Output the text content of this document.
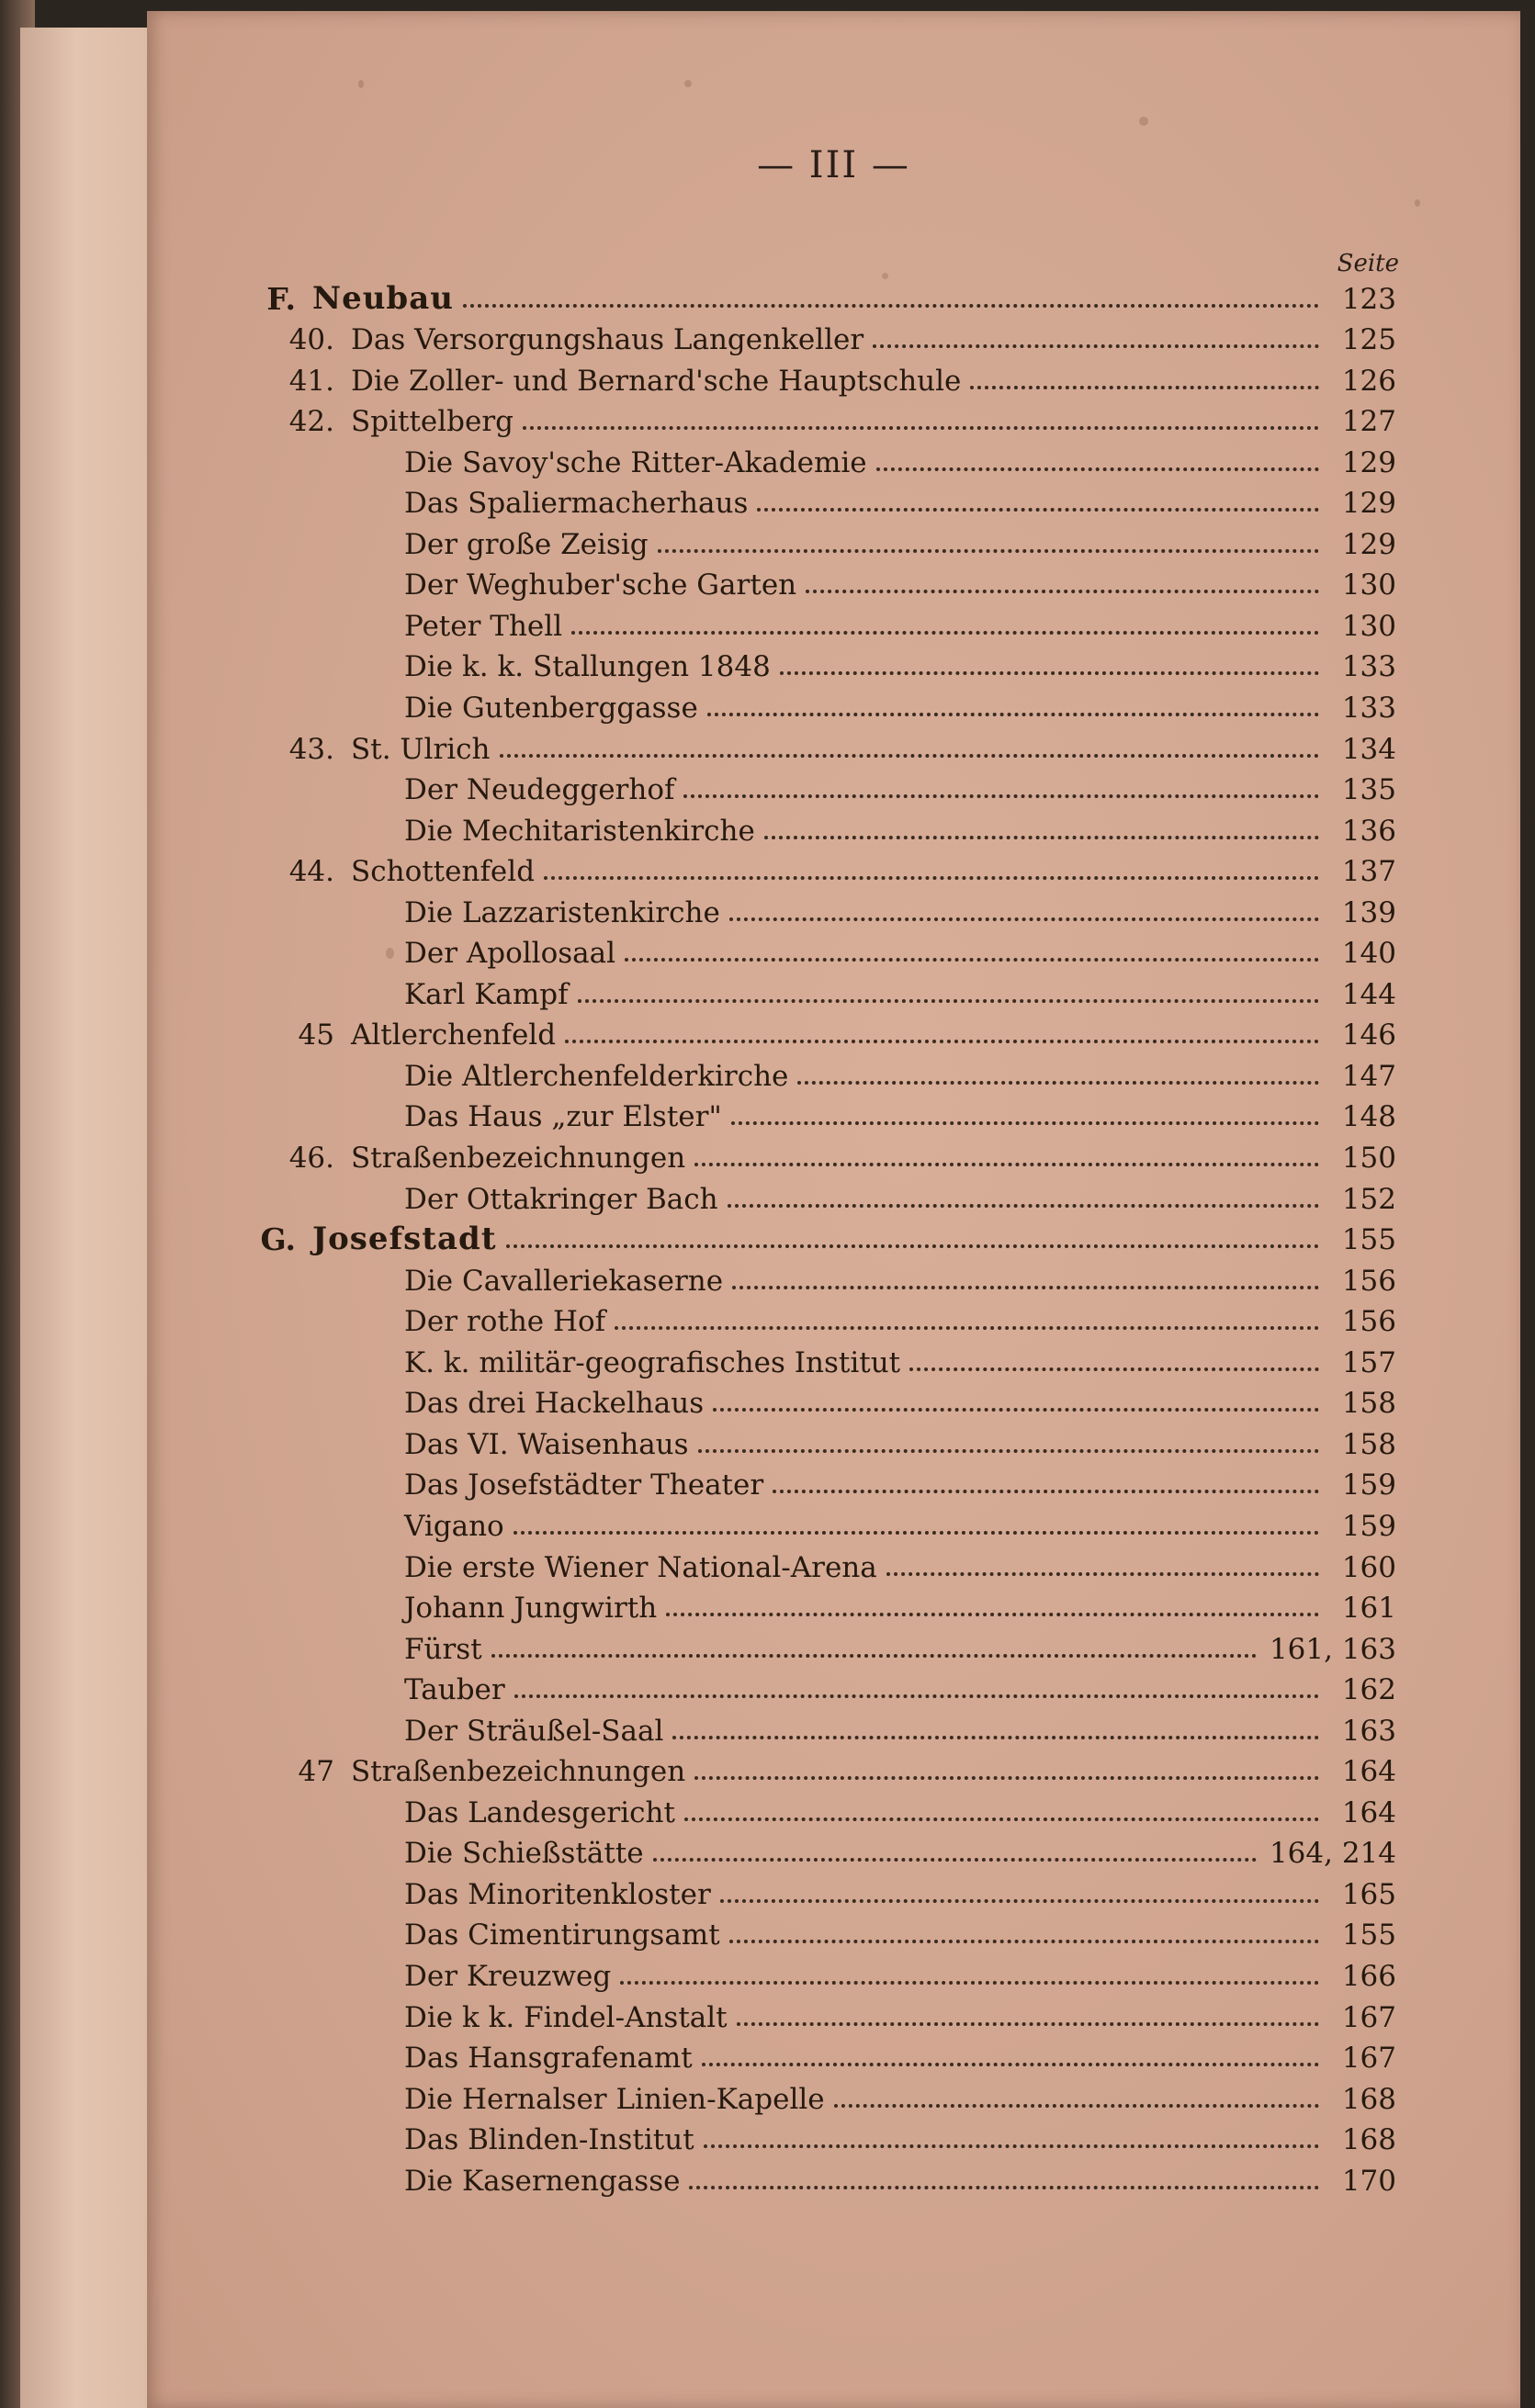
— III —
Seite
F. Neubau	123
40. Das Versorgungshaus Langenkeller	125
41. Die Zoller- und Bernard'sche Hauptschule	126
42. Spittelberg	127
Die Savoy'sche Ritter-Akademie	129
Das Spaliermacherhaus	129
Der große Zeisig	129
Der Weghuber'sche Garten	130
Peter Thell	130
Die k. k. Stallungen 1848	133
Die Gutenberggasse	133
43. St. Ulrich	134
Der Neudeggerhof	135
Die Mechitaristenkirche	136
44. Schottenfeld	137
Die Lazzaristenkirche	139
Der Apollosaal	140
Karl Kampf	144
45 Altlerchenfeld	146
Die Altlerchenfelderkirche	147
Das Haus „zur Elster"	148
46. Straßenbezeichnungen	150
Der Ottakringer Bach	152
G. Josefstadt	155
Die Cavalleriekaserne	156
Der rothe Hof	156
K. k. militär-geografisches Institut	157
Das drei Hackelhaus	158
Das VI. Waisenhaus	158
Das Josefstädter Theater	159
Vigano	159
Die erste Wiener National-Arena	160
Johann Jungwirth	161
Fürst	161, 163
Tauber	162
Der Sträußel-Saal	163
47 Straßenbezeichnungen	164
Das Landesgericht	164
Die Schießstätte	164, 214
Das Minoritenkloster	165
Das Cimentirungsamt	155
Der Kreuzweg	166
Die k k. Findel-Anstalt	167
Das Hansgrafenamt	167
Die Hernalser Linien-Kapelle	168
Das Blinden-Institut	168
Die Kasernengasse	170
